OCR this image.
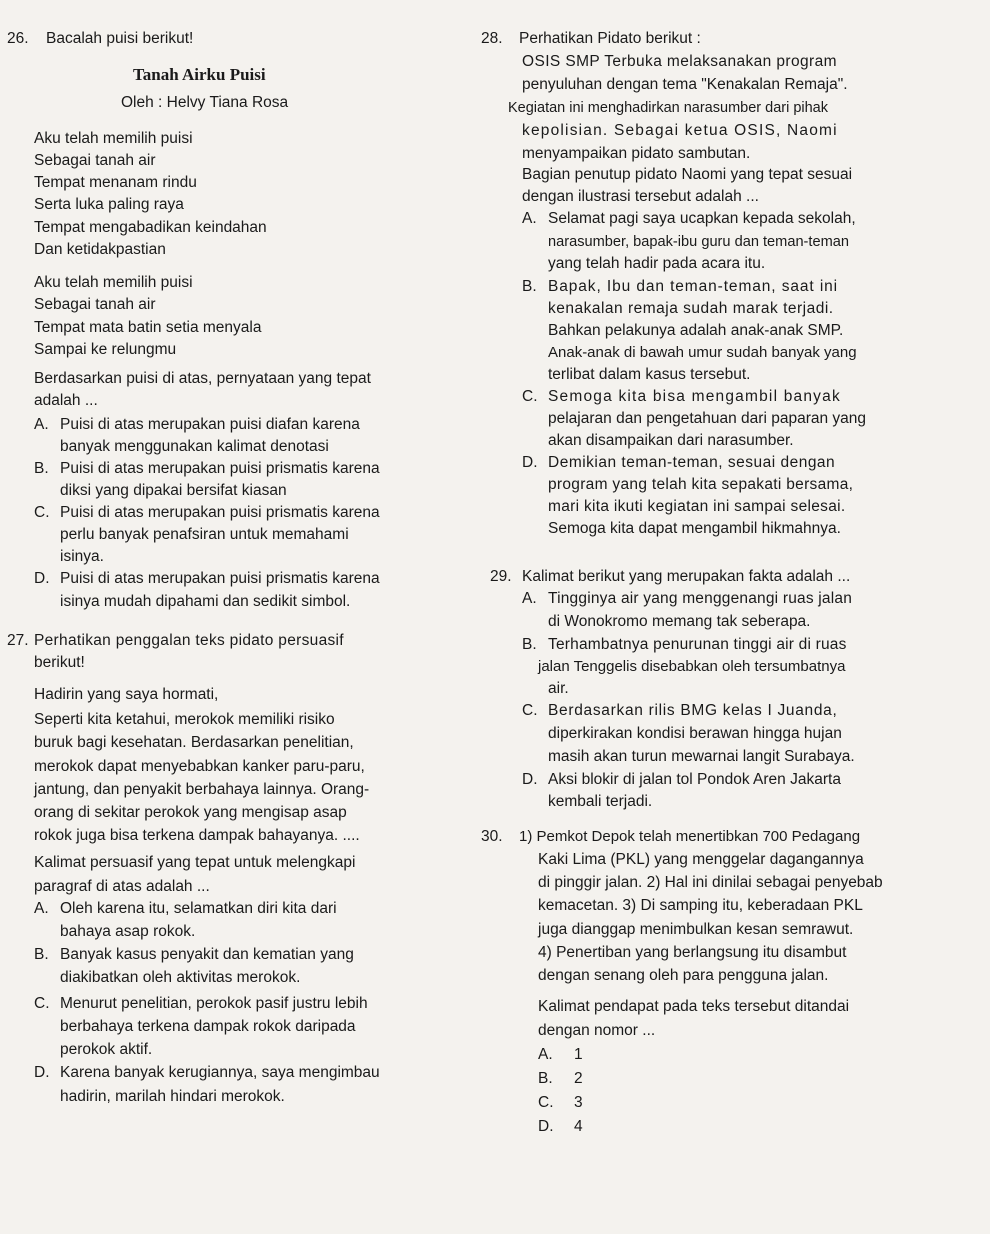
26. Bacalah puisi berikut!
Tanah Airku Puisi
Oleh : Helvy Tiana Rosa
Aku telah memilih puisi
Sebagai tanah air
Tempat menanam rindu
Serta luka paling raya
Tempat mengabadikan keindahan
Dan ketidakpastian
Aku telah memilih puisi
Sebagai tanah air
Tempat mata batin setia menyala
Sampai ke relungmu
Berdasarkan puisi di atas, pernyataan yang tepat
adalah ...
A. Puisi di atas merupakan puisi diafan karena
banyak menggunakan kalimat denotasi
B. Puisi di atas merupakan puisi prismatis karena
diksi yang dipakai bersifat kiasan
C. Puisi di atas merupakan puisi prismatis karena
perlu banyak penafsiran untuk memahami
isinya.
D. Puisi di atas merupakan puisi prismatis karena
isinya mudah dipahami dan sedikit simbol.
27. Perhatikan penggalan teks pidato persuasif
berikut!
Hadirin yang saya hormati,
Seperti kita ketahui, merokok memiliki risiko
buruk bagi kesehatan. Berdasarkan penelitian,
merokok dapat menyebabkan kanker paru-paru,
jantung, dan penyakit berbahaya lainnya. Orang-
orang di sekitar perokok yang mengisap asap
rokok juga bisa terkena dampak bahayanya. ....
Kalimat persuasif yang tepat untuk melengkapi
paragraf di atas adalah ...
A. Oleh karena itu, selamatkan diri kita dari
bahaya asap rokok.
B. Banyak kasus penyakit dan kematian yang
diakibatkan oleh aktivitas merokok.
C. Menurut penelitian, perokok pasif justru lebih
berbahaya terkena dampak rokok daripada
perokok aktif.
D. Karena banyak kerugiannya, saya mengimbau
hadirin, marilah hindari merokok.
28. Perhatikan Pidato berikut :
OSIS SMP Terbuka melaksanakan program
penyuluhan dengan tema "Kenakalan Remaja".
Kegiatan ini menghadirkan narasumber dari pihak
kepolisian. Sebagai ketua OSIS, Naomi
menyampaikan pidato sambutan.
Bagian penutup pidato Naomi yang tepat sesuai
dengan ilustrasi tersebut adalah ...
A. Selamat pagi saya ucapkan kepada sekolah,
narasumber, bapak-ibu guru dan teman-teman
yang telah hadir pada acara itu.
B. Bapak, Ibu dan teman-teman, saat ini
kenakalan remaja sudah marak terjadi.
Bahkan pelakunya adalah anak-anak SMP.
Anak-anak di bawah umur sudah banyak yang
terlibat dalam kasus tersebut.
C. Semoga kita bisa mengambil banyak
pelajaran dan pengetahuan dari paparan yang
akan disampaikan dari narasumber.
D. Demikian teman-teman, sesuai dengan
program yang telah kita sepakati bersama,
mari kita ikuti kegiatan ini sampai selesai.
Semoga kita dapat mengambil hikmahnya.
29. Kalimat berikut yang merupakan fakta adalah ...
A. Tingginya air yang menggenangi ruas jalan
di Wonokromo memang tak seberapa.
B. Terhambatnya penurunan tinggi air di ruas
jalan Tenggelis disebabkan oleh tersumbatnya
air.
C. Berdasarkan rilis BMG kelas I Juanda,
diperkirakan kondisi berawan hingga hujan
masih akan turun mewarnai langit Surabaya.
D. Aksi blokir di jalan tol Pondok Aren Jakarta
kembali terjadi.
30. 1) Pemkot Depok telah menertibkan 700 Pedagang
Kaki Lima (PKL) yang menggelar dagangannya
di pinggir jalan. 2) Hal ini dinilai sebagai penyebab
kemacetan. 3) Di samping itu, keberadaan PKL
juga dianggap menimbulkan kesan semrawut.
4) Penertiban yang berlangsung itu disambut
dengan senang oleh para pengguna jalan.
Kalimat pendapat pada teks tersebut ditandai
dengan nomor ...
A. 1
B. 2
C. 3
D. 4
